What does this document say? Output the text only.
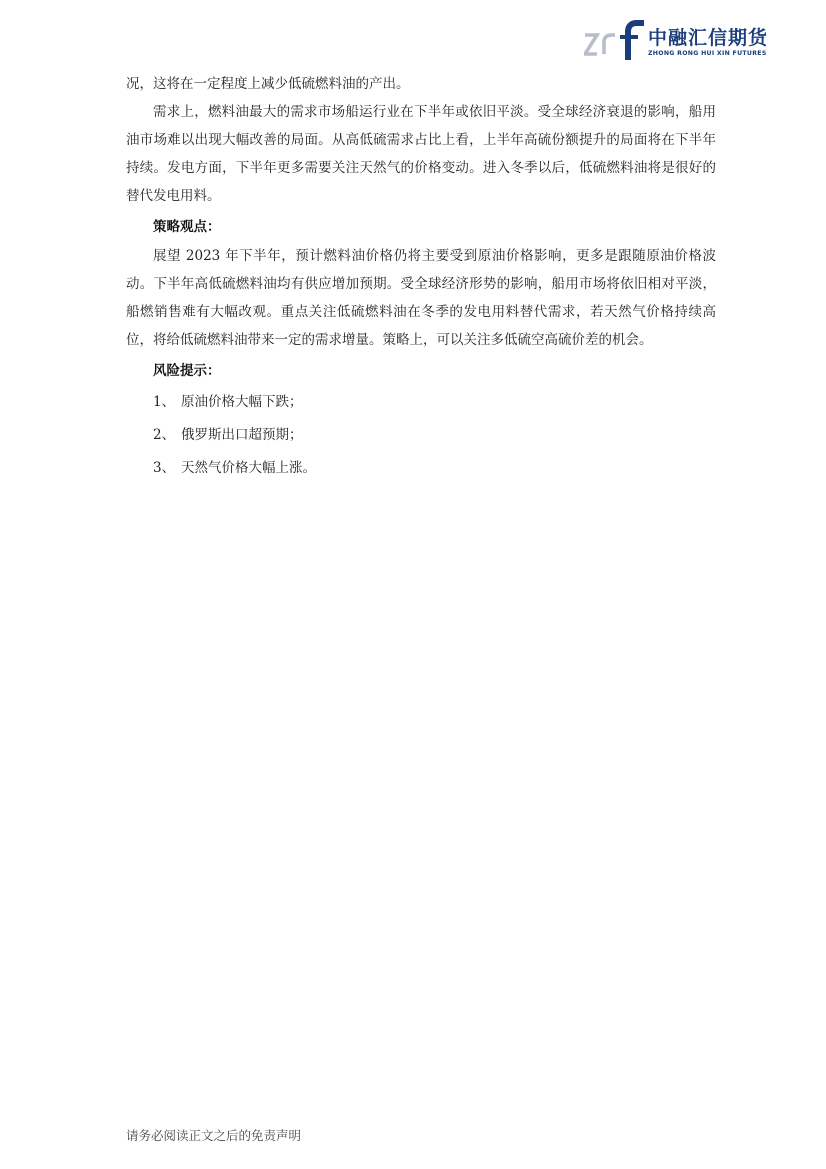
中融汇信期货
ZHONG RONG HUI XIN FUTURES

况，这将在一定程度上减少低硫燃料油的产出。

需求上，燃料油最大的需求市场船运行业在下半年或依旧平淡。受全球经济衰退的影响，船用油市场难以出现大幅改善的局面。从高低硫需求占比上看，上半年高硫份额提升的局面将在下半年持续。发电方面，下半年更多需要关注天然气的价格变动。进入冬季以后，低硫燃料油将是很好的替代发电用料。

策略观点：

展望 2023 年下半年，预计燃料油价格仍将主要受到原油价格影响，更多是跟随原油价格波动。下半年高低硫燃料油均有供应增加预期。受全球经济形势的影响，船用市场将依旧相对平淡，船燃销售难有大幅改观。重点关注低硫燃料油在冬季的发电用料替代需求，若天然气价格持续高位，将给低硫燃料油带来一定的需求增量。策略上，可以关注多低硫空高硫价差的机会。

风险提示：
1、 原油价格大幅下跌；
2、 俄罗斯出口超预期；
3、 天然气价格大幅上涨。
请务必阅读正文之后的免责声明
